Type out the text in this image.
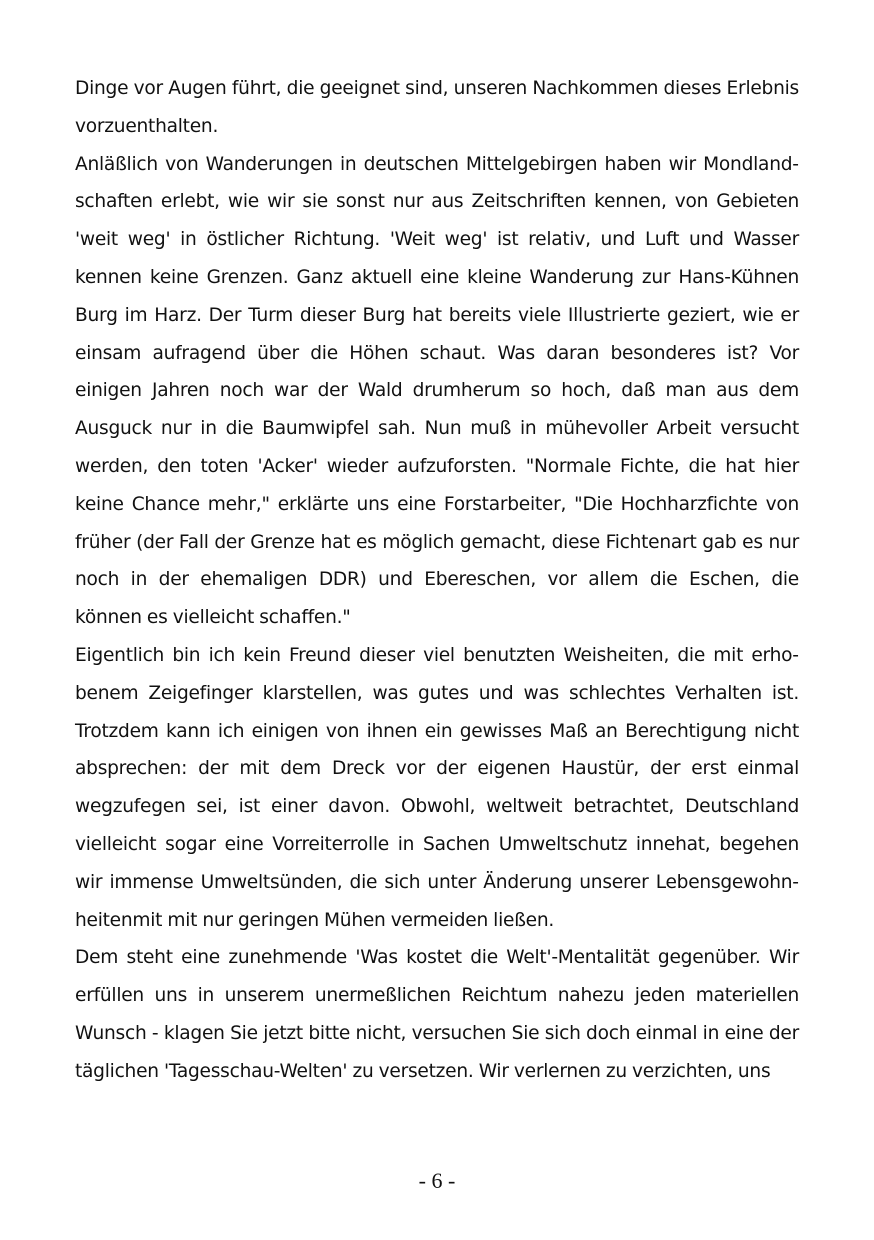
Dinge vor Augen führt, die geeignet sind, unseren Nachkommen dieses Erlebnis vorzuenthalten.

Anläßlich von Wanderungen in deutschen Mittelgebirgen haben wir Mondlandschaften erlebt, wie wir sie sonst nur aus Zeitschriften kennen, von Gebieten 'weit weg' in östlicher Richtung. 'Weit weg' ist relativ, und Luft und Wasser kennen keine Grenzen. Ganz aktuell eine kleine Wanderung zur Hans-Kühnen Burg im Harz. Der Turm dieser Burg hat bereits viele Illustrierte geziert, wie er einsam aufragend über die Höhen schaut. Was daran besonderes ist? Vor einigen Jahren noch war der Wald drumherum so hoch, daß man aus dem Ausguck nur in die Baumwipfel sah. Nun muß in mühevoller Arbeit versucht werden, den toten 'Acker' wieder aufzuforsten. "Normale Fichte, die hat hier keine Chance mehr," erklärte uns eine Forstarbeiter, "Die Hochharzfichte von früher (der Fall der Grenze hat es möglich gemacht, diese Fichtenart gab es nur noch in der ehemaligen DDR) und Ebereschen, vor allem die Eschen, die können es vielleicht schaffen."

Eigentlich bin ich kein Freund dieser viel benutzten Weisheiten, die mit erhobenem Zeigefinger klarstellen, was gutes und was schlechtes Verhalten ist. Trotzdem kann ich einigen von ihnen ein gewisses Maß an Berechtigung nicht absprechen: der mit dem Dreck vor der eigenen Haustür, der erst einmal wegzufegen sei, ist einer davon. Obwohl, weltweit betrachtet, Deutschland vielleicht sogar eine Vorreiterrolle in Sachen Umweltschutz innehat, begehen wir immense Umweltsünden, die sich unter Änderung unserer Lebensgewohnheitenmit mit nur geringen Mühen vermeiden ließen.

Dem steht eine zunehmende 'Was kostet die Welt'-Mentalität gegenüber. Wir erfüllen uns in unserem unermeßlichen Reichtum nahezu jeden materiellen Wunsch - klagen Sie jetzt bitte nicht, versuchen Sie sich doch einmal in eine der täglichen 'Tagesschau-Welten' zu versetzen. Wir verlernen zu verzichten, uns

- 6 -
